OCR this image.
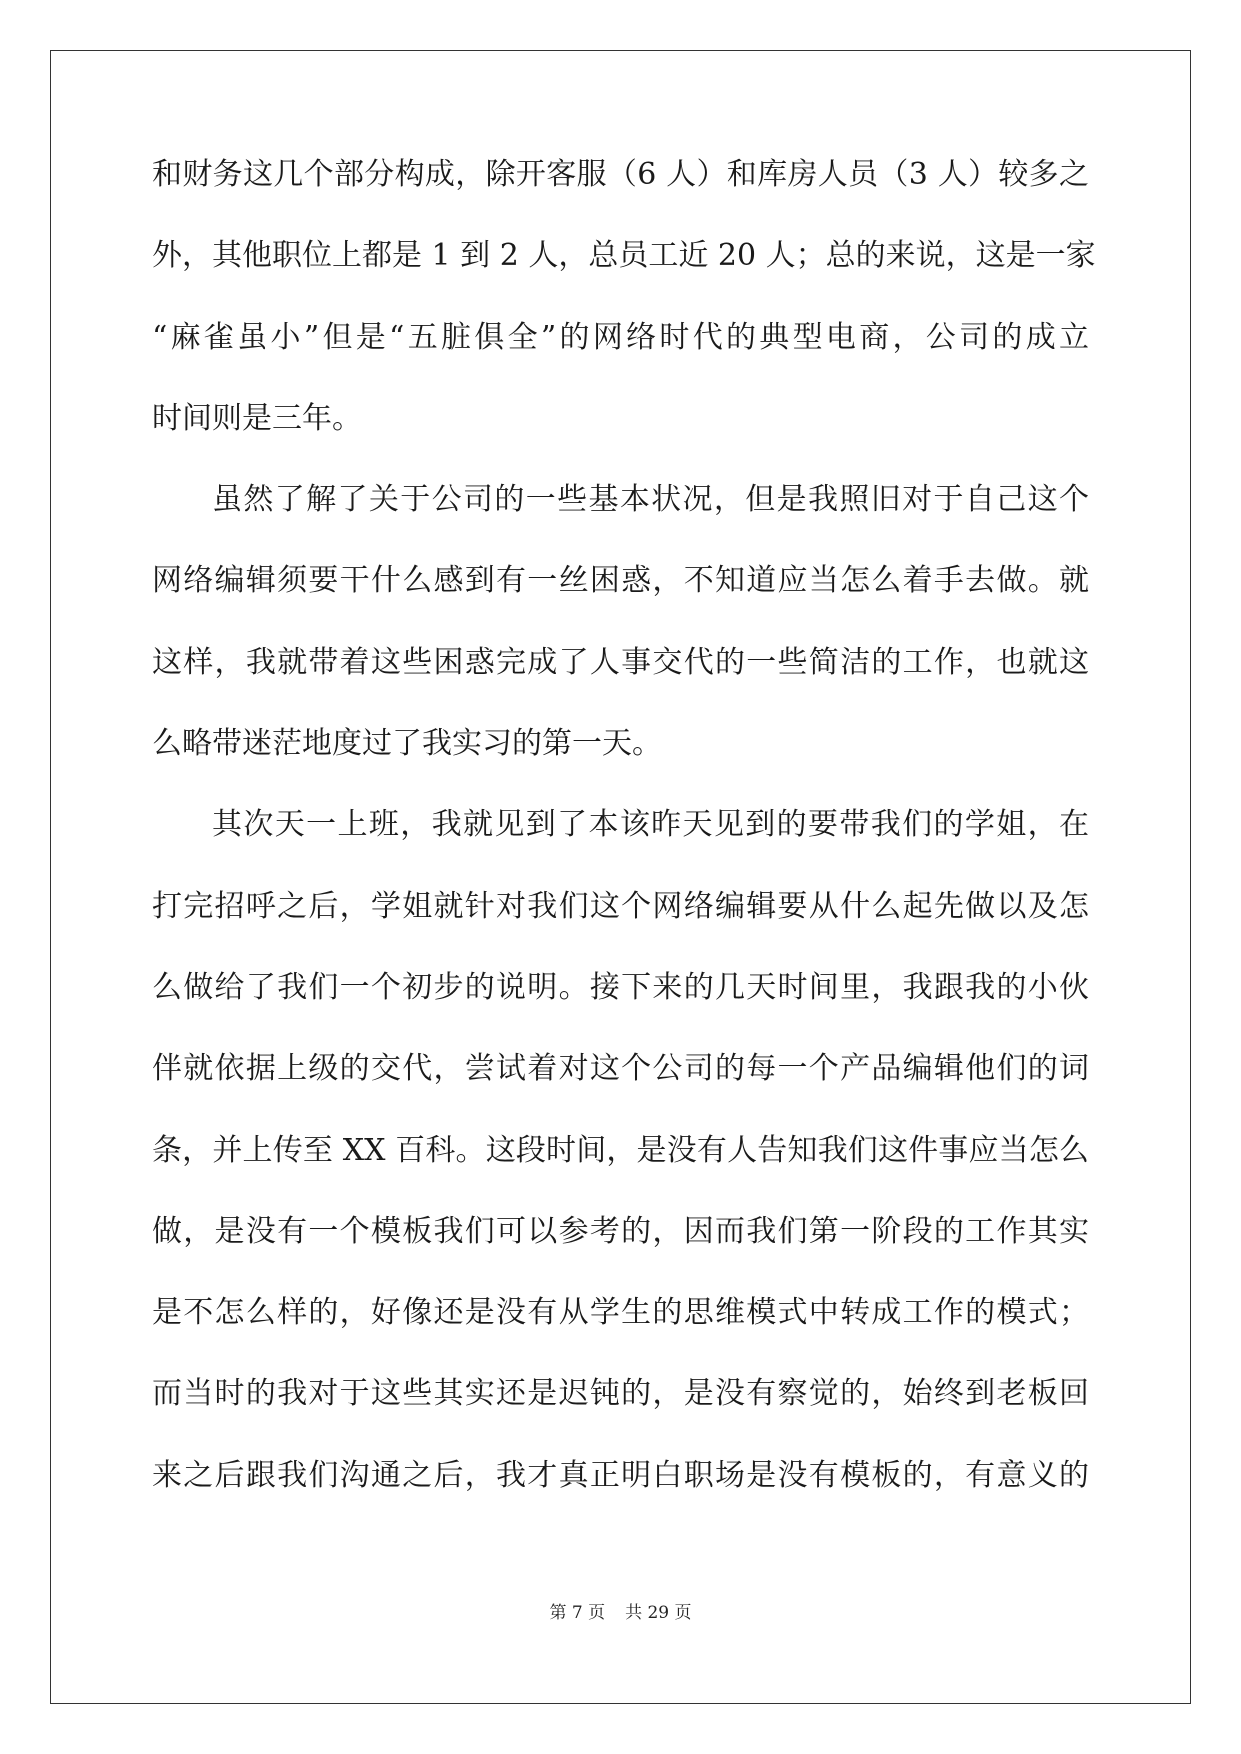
和财务这几个部分构成，除开客服（6 人）和库房人员（3 人）较多之
外，其他职位上都是 1 到 2 人，总员工近 20 人；总的来说，这是一家
“麻雀虽小”但是“五脏俱全”的网络时代的典型电商，公司的成立
时间则是三年。
虽然了解了关于公司的一些基本状况，但是我照旧对于自己这个
网络编辑须要干什么感到有一丝困惑，不知道应当怎么着手去做。就
这样，我就带着这些困惑完成了人事交代的一些简洁的工作，也就这
么略带迷茫地度过了我实习的第一天。
其次天一上班，我就见到了本该昨天见到的要带我们的学姐，在
打完招呼之后，学姐就针对我们这个网络编辑要从什么起先做以及怎
么做给了我们一个初步的说明。接下来的几天时间里，我跟我的小伙
伴就依据上级的交代，尝试着对这个公司的每一个产品编辑他们的词
条，并上传至 XX 百科。这段时间，是没有人告知我们这件事应当怎么
做，是没有一个模板我们可以参考的，因而我们第一阶段的工作其实
是不怎么样的，好像还是没有从学生的思维模式中转成工作的模式；
而当时的我对于这些其实还是迟钝的，是没有察觉的，始终到老板回
来之后跟我们沟通之后，我才真正明白职场是没有模板的，有意义的
第 7 页 共 29 页
